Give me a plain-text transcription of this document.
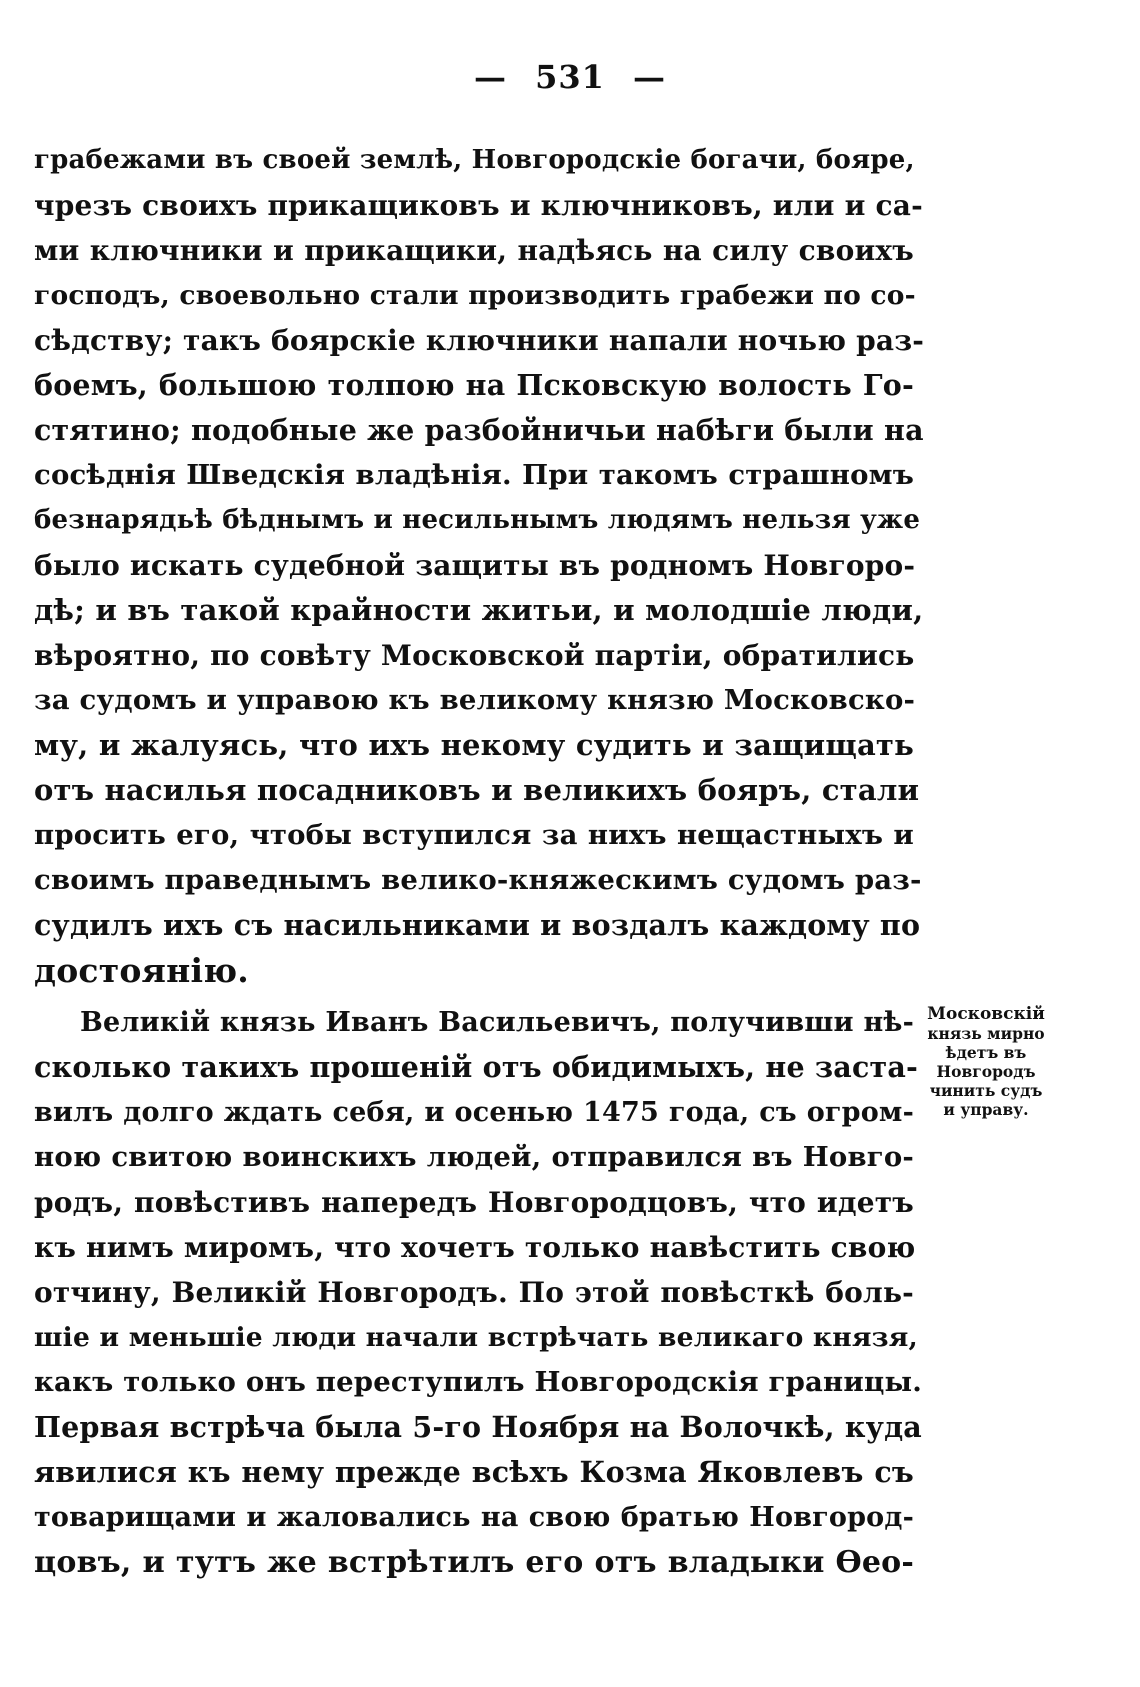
— 531 —
грабежами въ своей землѣ, Новгородскіе богачи, бояре,
чрезъ своихъ прикащиковъ и ключниковъ, или и са-
ми ключники и прикащики, надѣясь на силу своихъ
господъ, своевольно стали производить грабежи по со-
сѣдству; такъ боярскіе ключники напали ночью раз-
боемъ, большою толпою на Псковскую волость Го-
стятино; подобные же разбойничьи набѣги были на
сосѣднія Шведскія владѣнія. При такомъ страшномъ
безнарядьѣ бѣднымъ и несильнымъ людямъ нельзя уже
было искать судебной защиты въ родномъ Новгоро-
дѣ; и въ такой крайности житьи, и молодшіе люди,
вѣроятно, по совѣту Московской партіи, обратились
за судомъ и управою къ великому князю Московско-
му, и жалуясь, что ихъ некому судить и защищать
отъ насилья посадниковъ и великихъ бояръ, стали
просить его, чтобы вступился за нихъ нещастныхъ и
своимъ праведнымъ велико-княжескимъ судомъ раз-
судилъ ихъ съ насильниками и воздалъ каждому по
достоянію.
Великій князь Иванъ Васильевичъ, получивши нѣ-
сколько такихъ прошеній отъ обидимыхъ, не заста-
вилъ долго ждать себя, и осенью 1475 года, съ огром-
ною свитою воинскихъ людей, отправился въ Новго-
родъ, повѣстивъ напередъ Новгородцовъ, что идетъ
къ нимъ миромъ, что хочетъ только навѣстить свою
отчину, Великій Новгородъ. По этой повѣсткѣ боль-
шіе и меньшіе люди начали встрѣчать великаго князя,
какъ только онъ переступилъ Новгородскія границы.
Первая встрѣча была 5-го Ноября на Волочкѣ, куда
явилися къ нему прежде всѣхъ Козма Яковлевъ съ
товарищами и жаловались на свою братью Новгород-
цовъ, и тутъ же встрѣтилъ его отъ владыки Ѳео-
Московскій
князь мирно
ѣдетъ въ
Новгородъ
чинить судъ
и управу.
